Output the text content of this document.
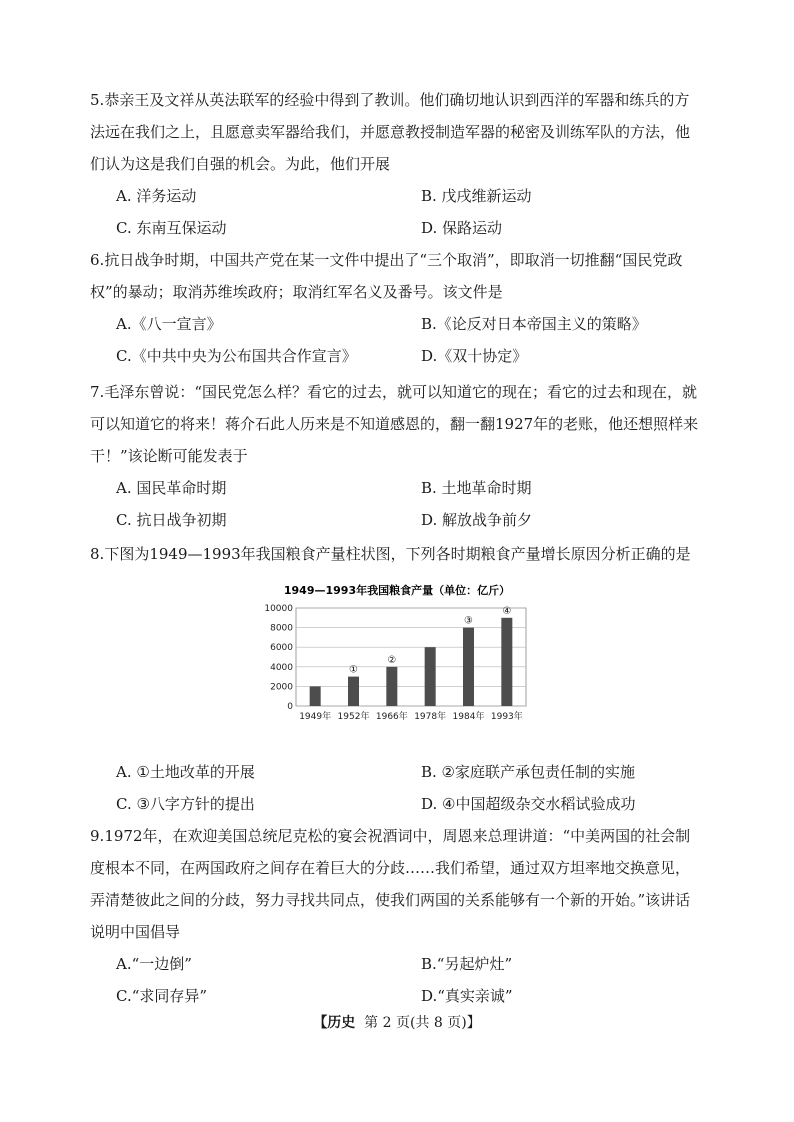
5.恭亲王及文祥从英法联军的经验中得到了教训。他们确切地认识到西洋的军器和练兵的方法远在我们之上，且愿意卖军器给我们，并愿意教授制造军器的秘密及训练军队的方法，他们认为这是我们自强的机会。为此，他们开展

A. 洋务运动	B. 戊戌维新运动
C. 东南互保运动	D. 保路运动

6.抗日战争时期，中国共产党在某一文件中提出了“三个取消”，即取消一切推翻“国民党政权”的暴动；取消苏维埃政府；取消红军名义及番号。该文件是

A.《八一宣言》	B.《论反对日本帝国主义的策略》
C.《中共中央为公布国共合作宣言》	D.《双十协定》

7.毛泽东曾说：“国民党怎么样？看它的过去，就可以知道它的现在；看它的过去和现在，就可以知道它的将来！蒋介石此人历来是不知道感恩的，翻一翻1927年的老账，他还想照样来干！”该论断可能发表于

A. 国民革命时期	B. 土地革命时期
C. 抗日战争初期	D. 解放战争前夕

8.下图为1949—1993年我国粮食产量柱状图，下列各时期粮食产量增长原因分析正确的是

1949—1993年我国粮食产量（单位：亿斤）
0
2000
4000
6000
8000
10000
1949年 1952年
①
1966年
②
1978年 1984年
③
1993年
④
A. ①土地改革的开展	B. ②家庭联产承包责任制的实施
C. ③八字方针的提出	D. ④中国超级杂交水稻试验成功

9.1972年，在欢迎美国总统尼克松的宴会祝酒词中，周恩来总理讲道：“中美两国的社会制度根本不同，在两国政府之间存在着巨大的分歧……我们希望，通过双方坦率地交换意见，弄清楚彼此之间的分歧，努力寻找共同点，使我们两国的关系能够有一个新的开始。”该讲话说明中国倡导

A.“一边倒”	B.“另起炉灶”
C.“求同存异”	D.“真实亲诚”
【历史 第 2 页(共 8 页)】
